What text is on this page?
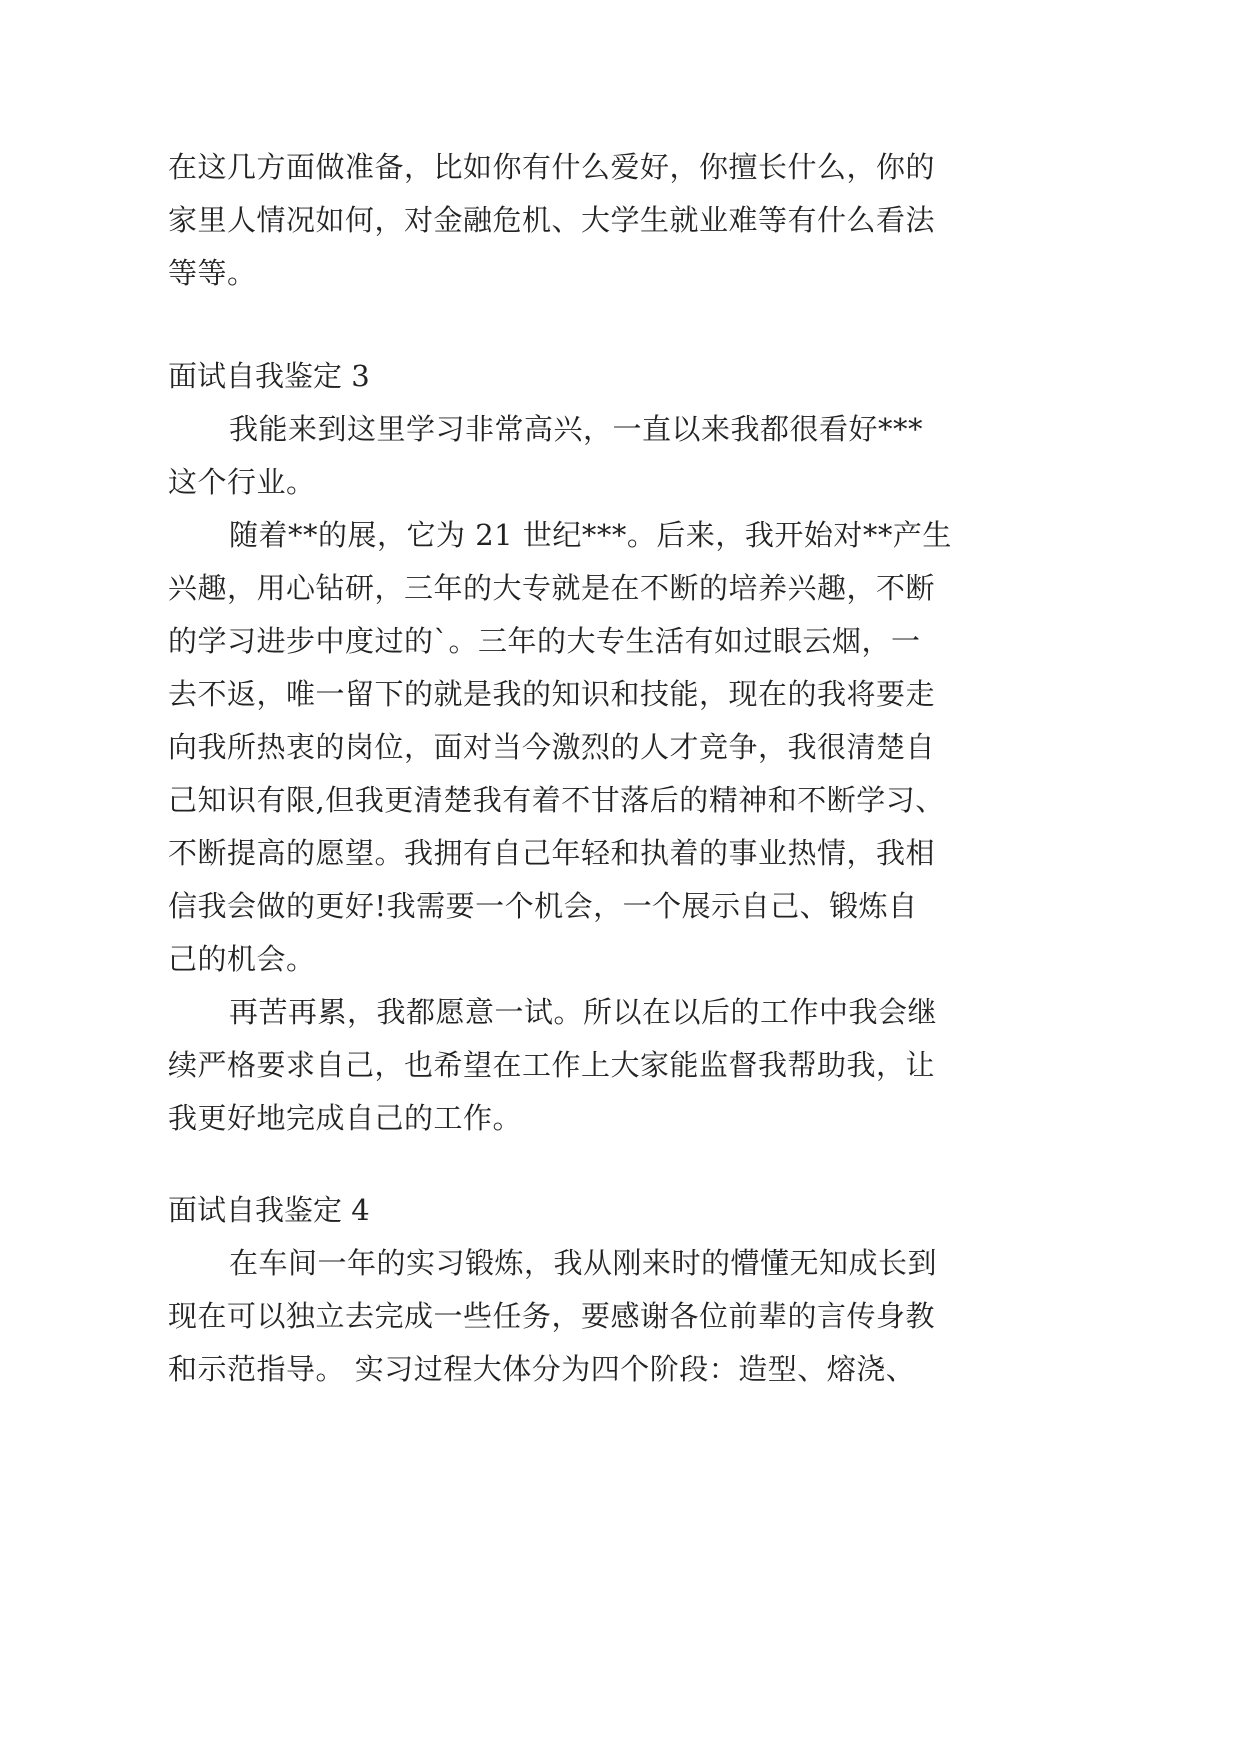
在这几方面做准备，比如你有什么爱好，你擅长什么，你的
家里人情况如何，对金融危机、大学生就业难等有什么看法
等等。
面试自我鉴定 3
我能来到这里学习非常高兴，一直以来我都很看好***
这个行业。
随着**的展，它为 21 世纪***。后来，我开始对**产生
兴趣，用心钻研，三年的大专就是在不断的培养兴趣，不断
的学习进步中度过的`。三年的大专生活有如过眼云烟，一
去不返，唯一留下的就是我的知识和技能，现在的我将要走
向我所热衷的岗位，面对当今激烈的人才竞争，我很清楚自
己知识有限,但我更清楚我有着不甘落后的精神和不断学习、
不断提高的愿望。我拥有自己年轻和执着的事业热情，我相
信我会做的更好!我需要一个机会，一个展示自己、锻炼自
己的机会。
再苦再累，我都愿意一试。所以在以后的工作中我会继
续严格要求自己，也希望在工作上大家能监督我帮助我，让
我更好地完成自己的工作。
面试自我鉴定 4
在车间一年的实习锻炼，我从刚来时的懵懂无知成长到
现在可以独立去完成一些任务，要感谢各位前辈的言传身教
和示范指导。 实习过程大体分为四个阶段：造型、熔浇、
